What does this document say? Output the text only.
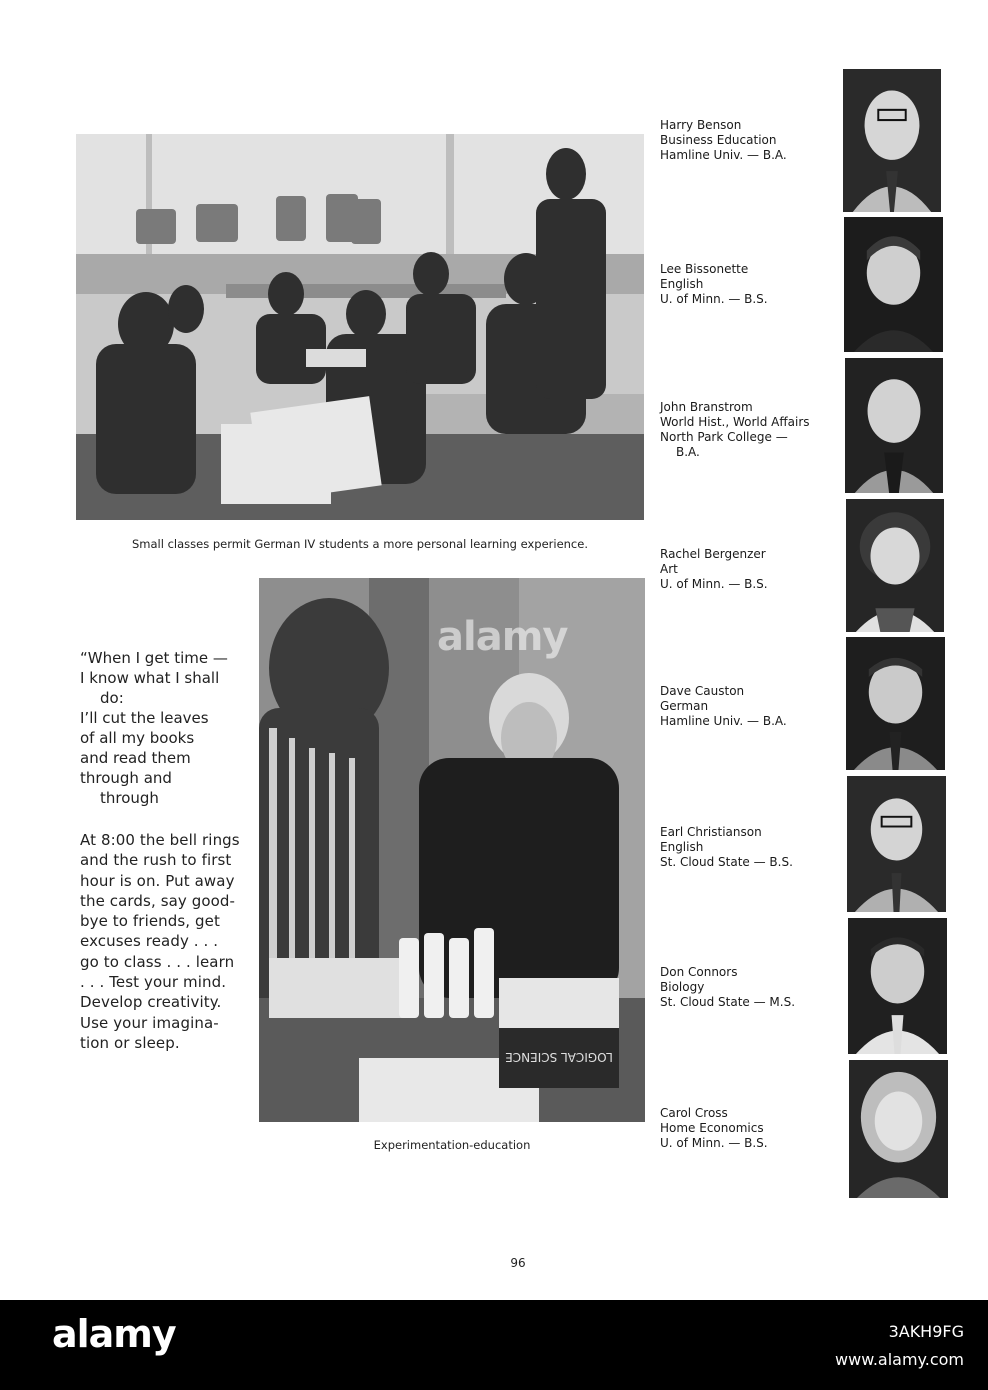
Small classes permit German IV students a more personal learning experience.
LOGICAL SCIENCE
alamy
Experimentation-education

“When I get time —

I know what I shall

do:

I’ll cut the leaves

of all my books

and read them

through and

through

At 8:00 the bell rings

and the rush to first

hour is on. Put away

the cards, say good-

bye to friends, get

excuses ready . . .

go to class . . . learn

. . . Test your mind.

Develop creativity.

Use your imagina-

tion or sleep.

Harry Benson
Business Education
Hamline Univ. — B.A.
Lee Bissonette
English
U. of Minn. — B.S.
John Branstrom
World Hist., World Affairs
North Park College —
B.A.
Rachel Bergenzer
Art
U. of Minn. — B.S.
Dave Causton
German
Hamline Univ. — B.A.
Earl Christianson
English
St. Cloud State — B.S.
Don Connors
Biology
St. Cloud State — M.S.
Carol Cross
Home Economics
U. of Minn. — B.S.
96
alamy	3AKH9FG
www.alamy.com
